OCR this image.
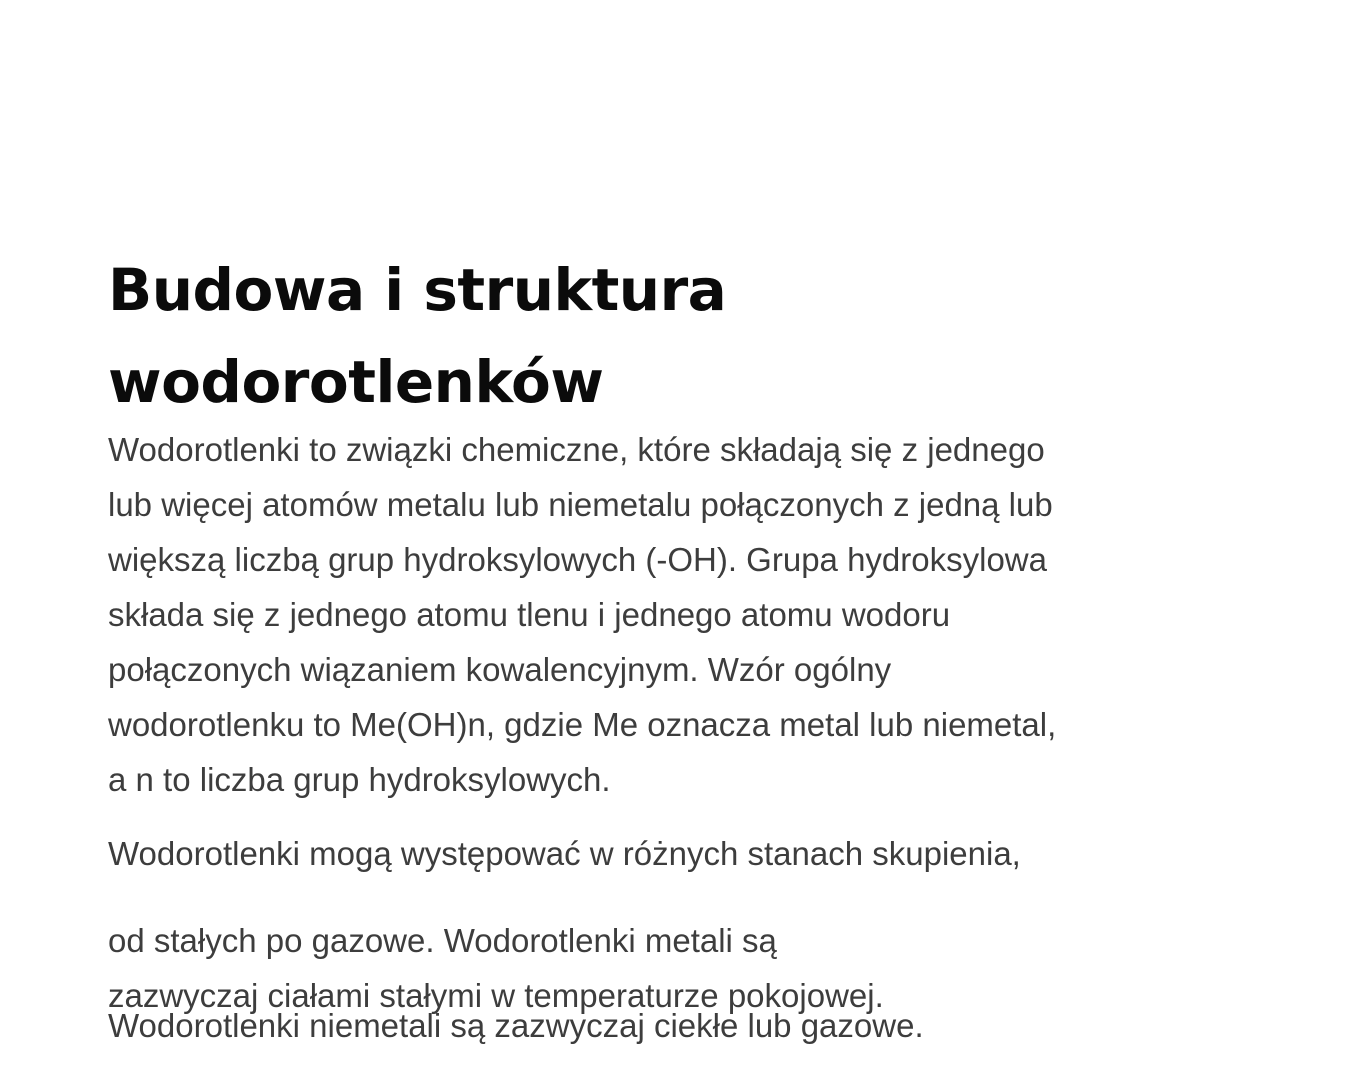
Budowa i struktura
wodorotlenków

Wodorotlenki to związki chemiczne, które składają się z jednego
lub więcej atomów metalu lub niemetalu połączonych z jedną lub
większą liczbą grup hydroksylowych (-OH). Grupa hydroksylowa
składa się z jednego atomu tlenu i jednego atomu wodoru
połączonych wiązaniem kowalencyjnym. Wzór ogólny
wodorotlenku to Me(OH)n, gdzie Me oznacza metal lub niemetal,
a n to liczba grup hydroksylowych.

Wodorotlenki mogą występować w różnych stanach skupienia,

od stałych po gazowe. Wodorotlenki metali są
zazwyczaj ciałami stałymi w temperaturze pokojowej.

Wodorotlenki niemetali są zazwyczaj ciekłe lub gazowe.
